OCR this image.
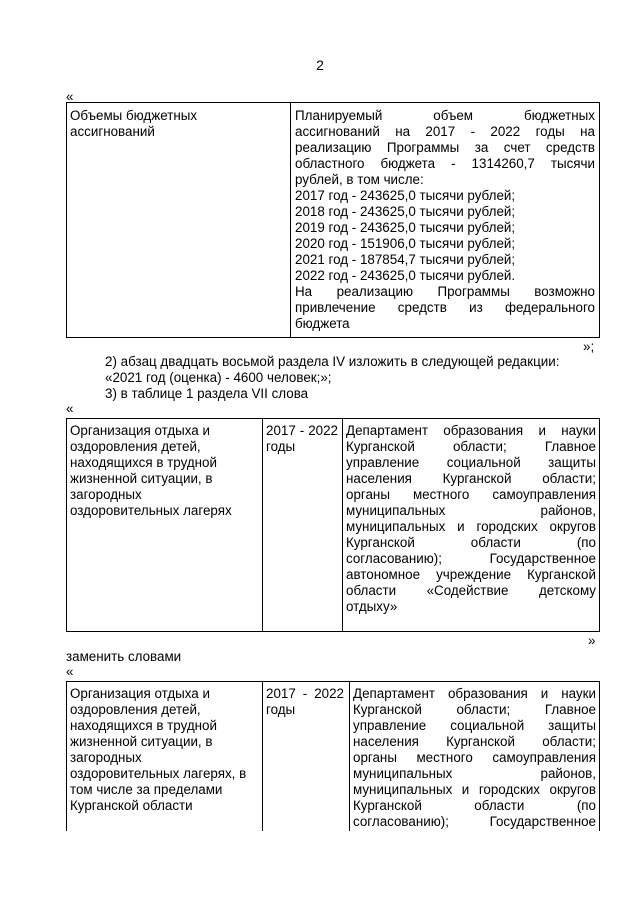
2
«
Объемы бюджетных
ассигнований
Планируемый объем бюджетных
ассигнований на 2017 - 2022 годы на
реализацию Программы за счет средств
областного бюджета - 1314260,7 тысячи
рублей, в том числе:
2017 год - 243625,0 тысячи рублей;
2018 год - 243625,0 тысячи рублей;
2019 год - 243625,0 тысячи рублей;
2020 год - 151906,0 тысячи рублей;
2021 год - 187854,7 тысячи рублей;
2022 год - 243625,0 тысячи рублей.
На реализацию Программы возможно
привлечение средств из федерального
бюджета
»;
2) абзац двадцать восьмой раздела IV изложить в следующей редакции:
«2021 год (оценка) - 4600 человек;»;
3) в таблице 1 раздела VII слова
«
Организация отдыха и
оздоровления детей,
находящихся в трудной
жизненной ситуации, в
загородных
оздоровительных лагерях
2017 - 2022
годы
Департамент образования и науки
Курганской области; Главное
управление социальной защиты
населения Курганской области;
органы местного самоуправления
муниципальных районов,
муниципальных и городских округов
Курганской области (по
согласованию); Государственное
автономное учреждение Курганской
области «Содействие детскому
отдыху»
»
заменить словами
«
Организация отдыха и
оздоровления детей,
находящихся в трудной
жизненной ситуации, в
загородных
оздоровительных лагерях, в
том числе за пределами
Курганской области
2017 - 2022
годы
Департамент образования и науки
Курганской области; Главное
управление социальной защиты
населения Курганской области;
органы местного самоуправления
муниципальных районов,
муниципальных и городских округов
Курганской области (по
согласованию); Государственное
